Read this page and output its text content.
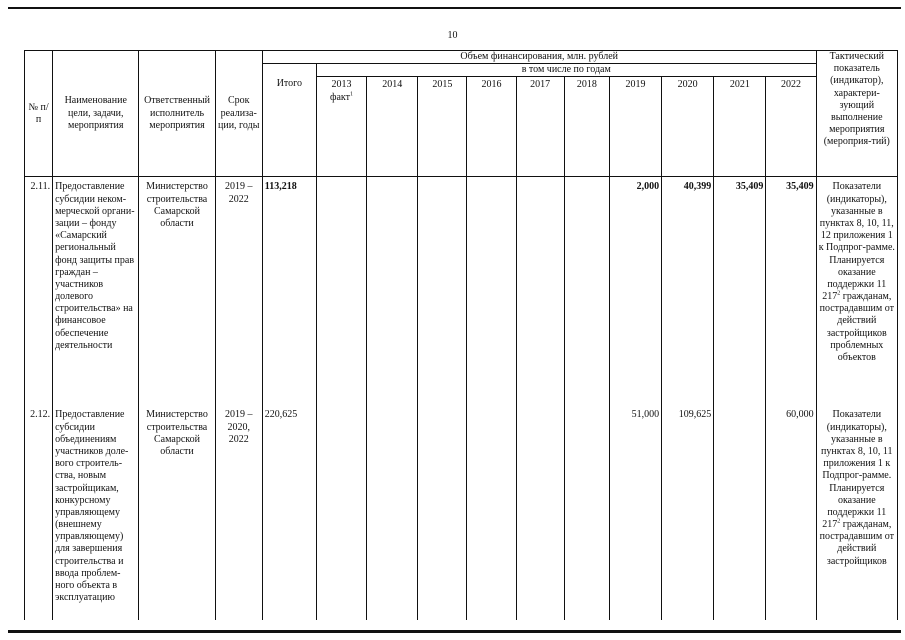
10
№ п/п	Наименование цели, задачи, мероприятия	Ответственный исполнитель мероприятия	Срок реализа-ции, годы	Объем финансирования, млн. рублей											Тактический показатель (индикатор), характери-зующий выполнение мероприятия (мероприя-тий)
				Итого	в том числе по годам										
					2013 факт$^1$	2014	2015	2016	2017	2018	2019	2020	2021	2022	
2.11.	Предоставление субсидии неком-мерческой органи-зации – фонду «Самарский региональный фонд защиты прав граждан – участников долевого строительства» на финансовое обеспечение деятельности	Министерство строительства Самарской области	2019 – 2022	113,218							2,000	40,399	35,409	35,409	Показатели (индикаторы), указанные в пунктах 8, 10, 11, 12 приложения 1 к Подпрог-рамме. Планируется оказание поддержки 11 $217^2$ гражданам, пострадавшим от действий застройщиков проблемных объектов
2.12.	Предоставление субсидии объединениям участников доле-вого строитель-ства, новым застройщикам, конкурсному управляющему (внешнему управляющему) для завершения строительства и ввода проблем-ного объекта в эксплуатацию	Министерство строительства Самарской области	2019 – 2020, 2022	220,625							51,000	109,625		60,000	Показатели (индикаторы), указанные в пунктах 8, 10, 11 приложения 1 к Подпрог-рамме. Планируется оказание поддержки 11 $217^2$ гражданам, пострадавшим от действий застройщиков
